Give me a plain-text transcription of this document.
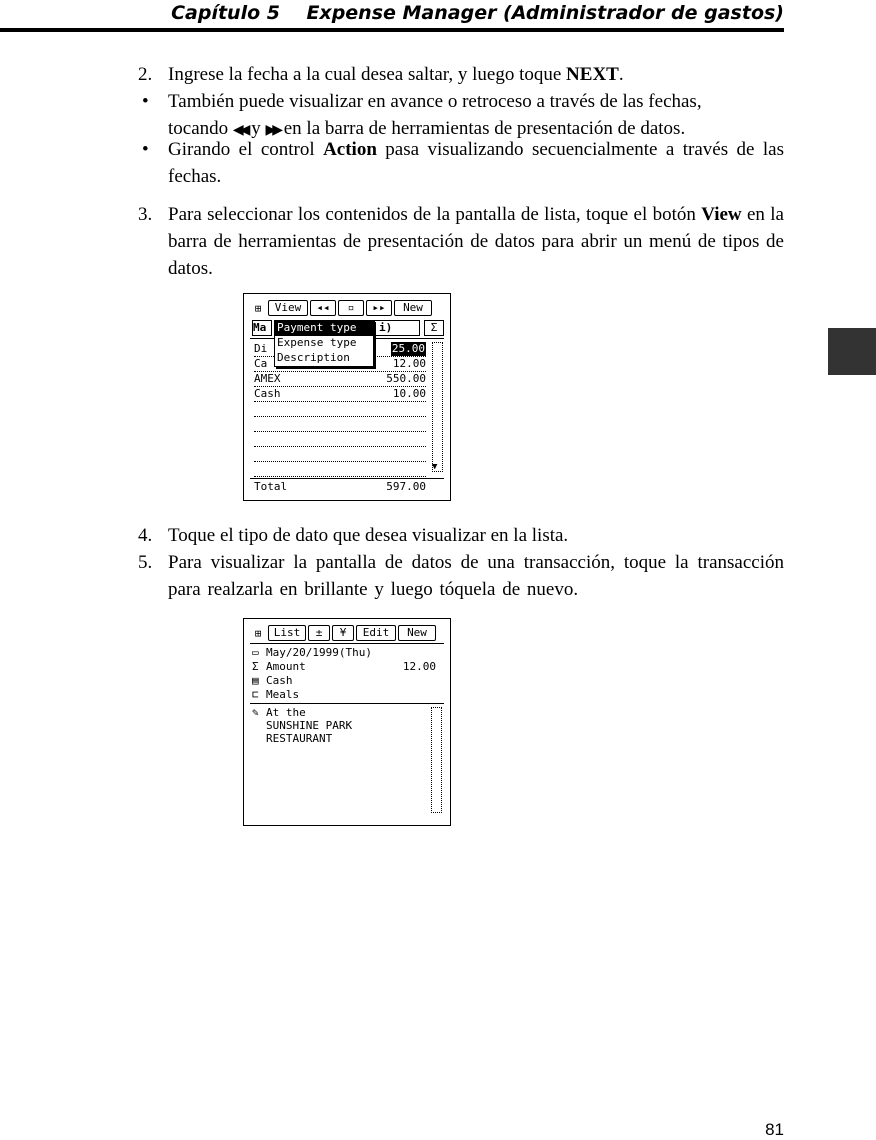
Capítulo 5 Expense Manager (Administrador de gastos)
2. Ingrese la fecha a la cual desea saltar, y luego toque NEXT.
•	También puede visualizar en avance o retroceso a través de las fechas,
tocando ◀◀ y ▶▶ en la barra de herramientas de presentación de datos.
•	Girando el control Action pasa visualizando secuencialmente a través de las fechas.
3. Para seleccionar los contenidos de la pantalla de lista, toque el botón View en la barra de herramientas de presentación de datos para abrir un menú de tipos de datos.
⊞	View	◂◂	▫	▸▸	New
Ma	i)	Σ
Di	25.00
Ca	12.00
AMEX	550.00
Cash	10.00
▼
Total	597.00
Payment type
Expense type
Description
4. Toque el tipo de dato que desea visualizar en la lista.
5. Para visualizar la pantalla de datos de una transacción, toque la transacción para realzarla en brillante y luego tóquela de nuevo.
⊞	List	±	¥	Edit	New
▭ May/20/1999(Thu)
Σ Amount	12.00
▤ Cash
⊏ Meals
✎ At the
SUNSHINE PARK
RESTAURANT
81
